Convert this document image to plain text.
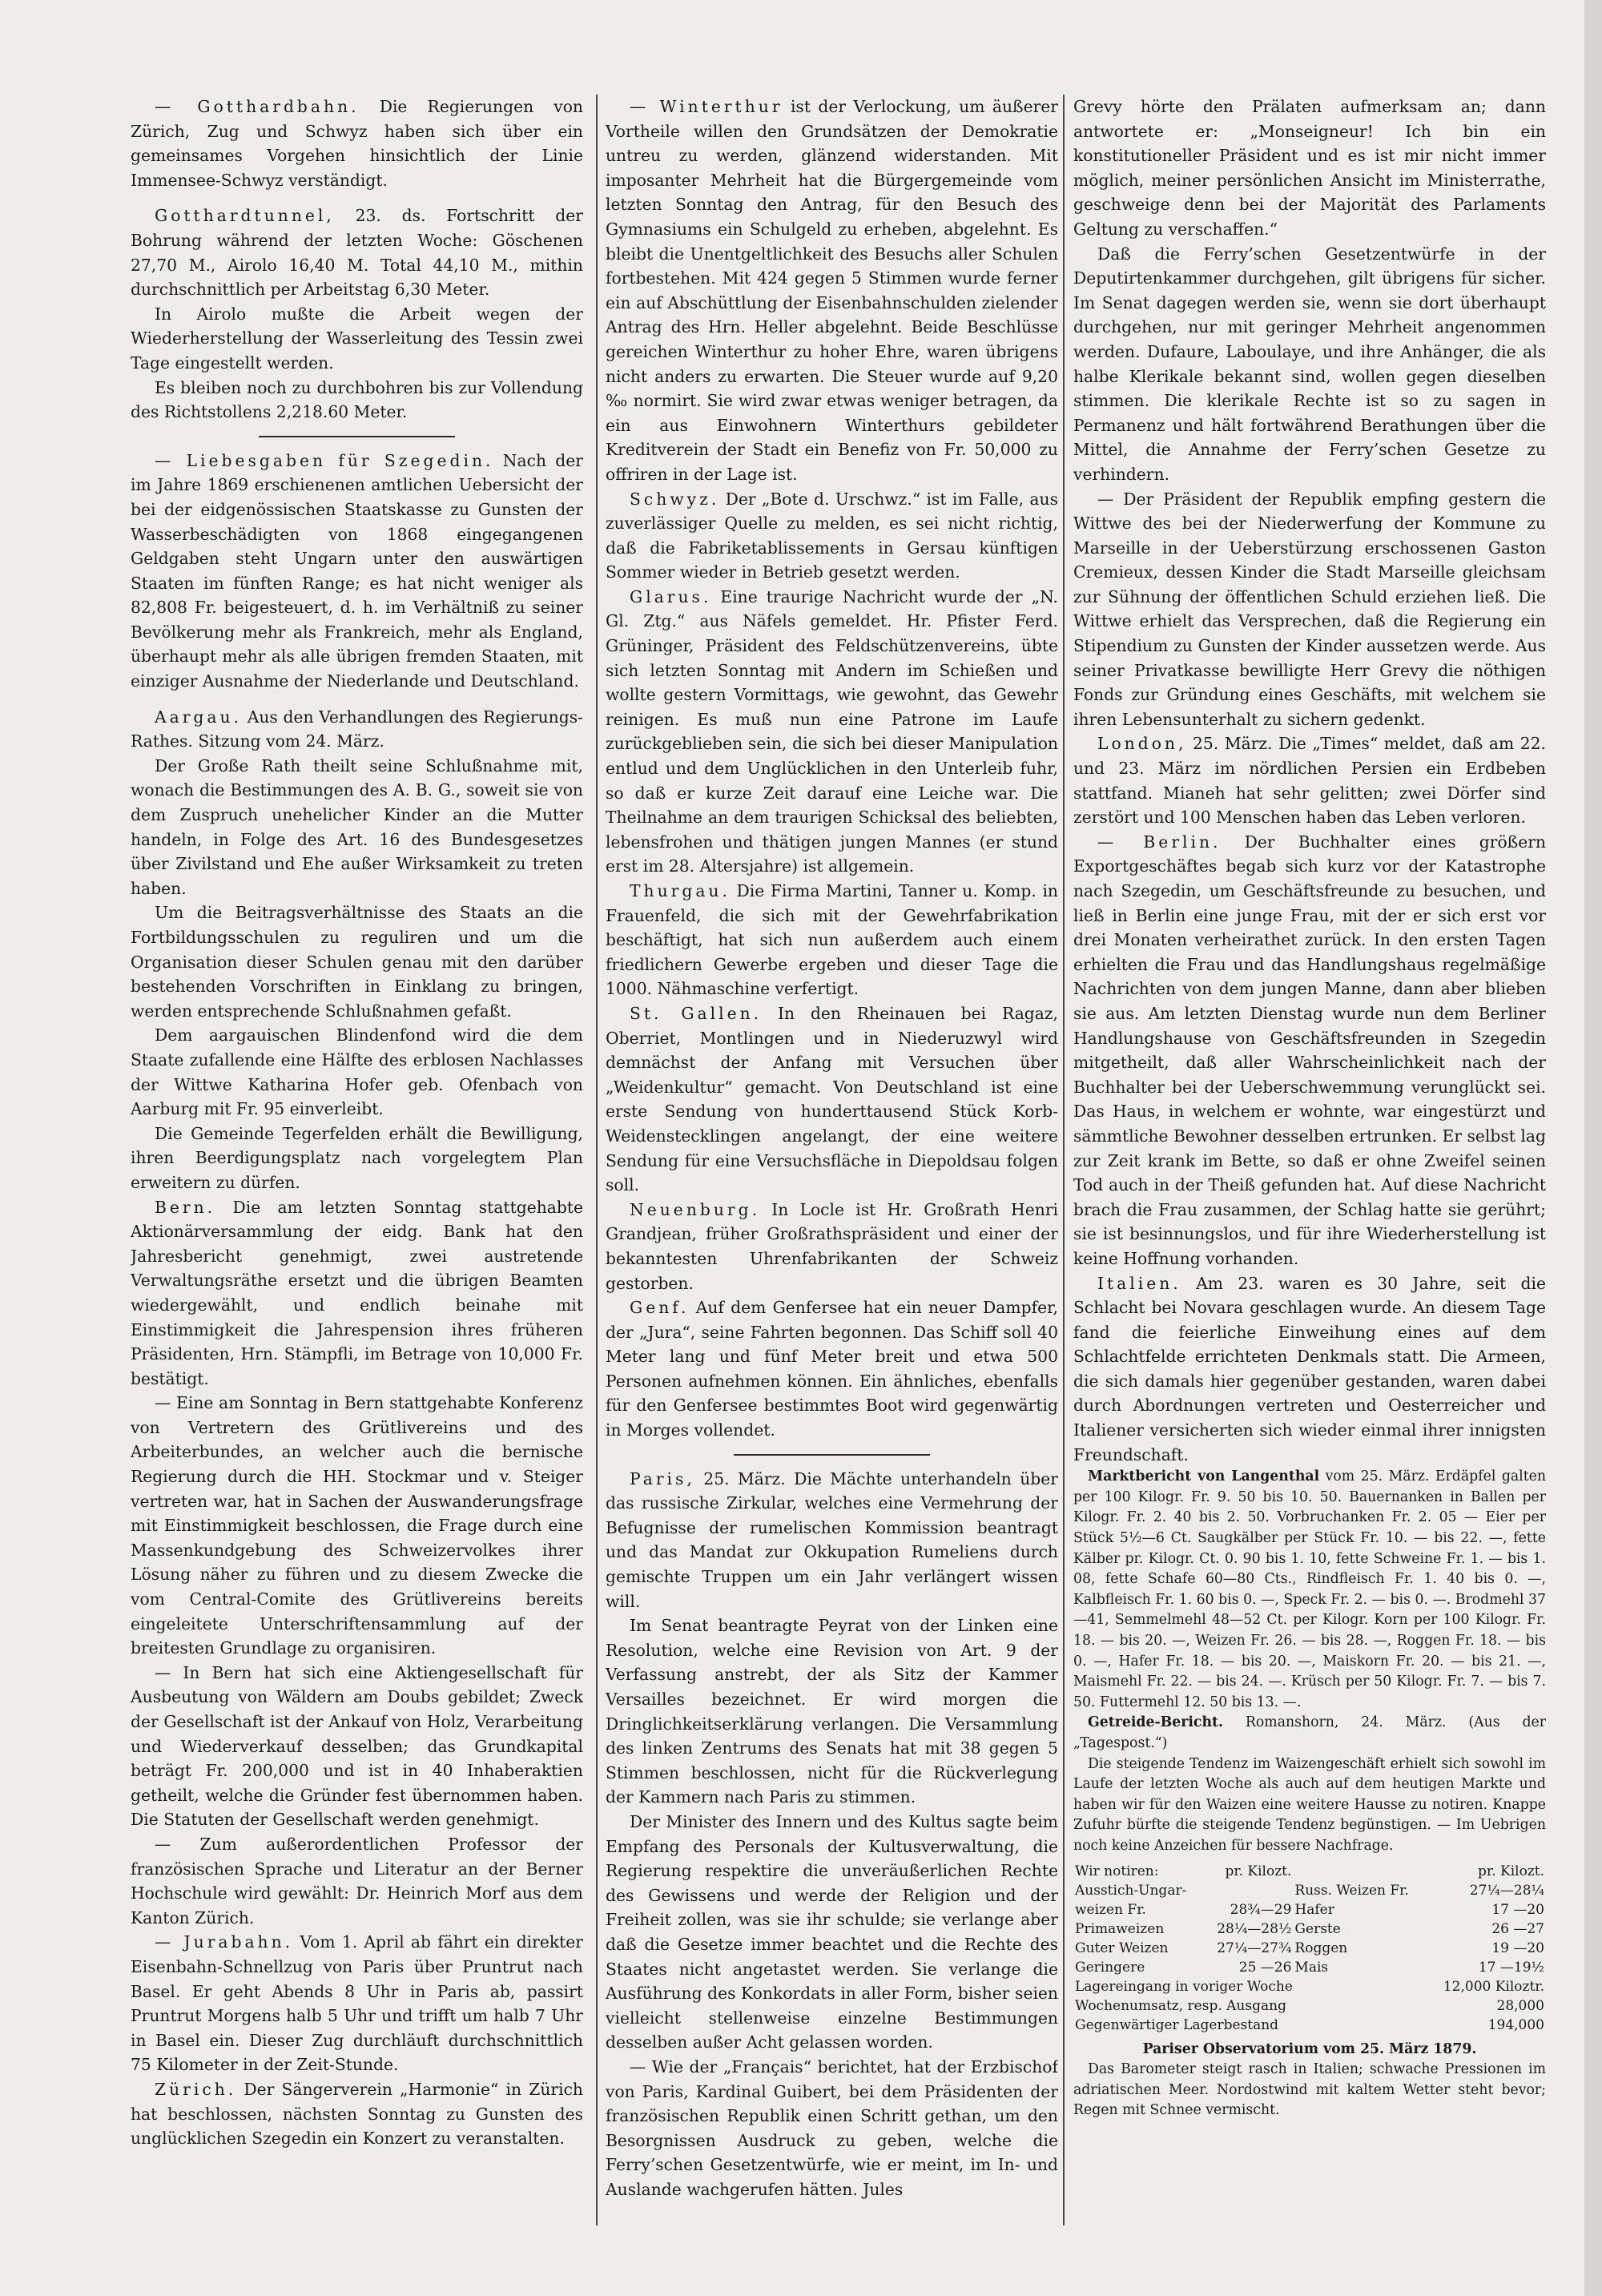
— Gotthardbahn. Die Regierungen von Zürich, Zug und Schwyz haben sich über ein gemeinsames Vorgehen hinsichtlich der Linie Immensee-Schwyz verständigt.

Gotthardtunnel, 23. ds. Fortschritt der Bohrung während der letzten Woche: Göschenen 27,70 M., Airolo 16,40 M. Total 44,10 M., mithin durchschnittlich per Arbeitstag 6,30 Meter.

In Airolo mußte die Arbeit wegen der Wiederherstellung der Wasserleitung des Tessin zwei Tage eingestellt werden.

Es bleiben noch zu durchbohren bis zur Vollendung des Richtstollens 2,218.60 Meter.

— Liebesgaben für Szegedin. Nach der im Jahre 1869 erschienenen amtlichen Uebersicht der bei der eidgenössischen Staatskasse zu Gunsten der Wasserbeschädigten von 1868 eingegangenen Geldgaben steht Ungarn unter den auswärtigen Staaten im fünften Range; es hat nicht weniger als 82,808 Fr. beigesteuert, d. h. im Verhältniß zu seiner Bevölkerung mehr als Frankreich, mehr als England, überhaupt mehr als alle übrigen fremden Staaten, mit einziger Ausnahme der Niederlande und Deutschland.

Aargau. Aus den Verhandlungen des Regierungs-Rathes. Sitzung vom 24. März.

Der Große Rath theilt seine Schlußnahme mit, wonach die Bestimmungen des A. B. G., soweit sie von dem Zuspruch unehelicher Kinder an die Mutter handeln, in Folge des Art. 16 des Bundesgesetzes über Zivilstand und Ehe außer Wirksamkeit zu treten haben.

Um die Beitragsverhältnisse des Staats an die Fortbildungsschulen zu reguliren und um die Organisation dieser Schulen genau mit den darüber bestehenden Vorschriften in Einklang zu bringen, werden entsprechende Schlußnahmen gefaßt.

Dem aargauischen Blindenfond wird die dem Staate zufallende eine Hälfte des erblosen Nachlasses der Wittwe Katharina Hofer geb. Ofenbach von Aarburg mit Fr. 95 einverleibt.

Die Gemeinde Tegerfelden erhält die Bewilligung, ihren Beerdigungsplatz nach vorgelegtem Plan erweitern zu dürfen.

Bern. Die am letzten Sonntag stattgehabte Aktionärversammlung der eidg. Bank hat den Jahresbericht genehmigt, zwei austretende Verwaltungsräthe ersetzt und die übrigen Beamten wiedergewählt, und endlich beinahe mit Einstimmigkeit die Jahrespension ihres früheren Präsidenten, Hrn. Stämpfli, im Betrage von 10,000 Fr. bestätigt.

— Eine am Sonntag in Bern stattgehabte Konferenz von Vertretern des Grütlivereins und des Arbeiterbundes, an welcher auch die bernische Regierung durch die HH. Stockmar und v. Steiger vertreten war, hat in Sachen der Auswanderungsfrage mit Einstimmigkeit beschlossen, die Frage durch eine Massenkundgebung des Schweizervolkes ihrer Lösung näher zu führen und zu diesem Zwecke die vom Central-Comite des Grütlivereins bereits eingeleitete Unterschriftensammlung auf der breitesten Grundlage zu organisiren.

— In Bern hat sich eine Aktiengesellschaft für Ausbeutung von Wäldern am Doubs gebildet; Zweck der Gesellschaft ist der Ankauf von Holz, Verarbeitung und Wiederverkauf desselben; das Grundkapital beträgt Fr. 200,000 und ist in 40 Inhaberaktien getheilt, welche die Gründer fest übernommen haben. Die Statuten der Gesellschaft werden genehmigt.

— Zum außerordentlichen Professor der französischen Sprache und Literatur an der Berner Hochschule wird gewählt: Dr. Heinrich Morf aus dem Kanton Zürich.

— Jurabahn. Vom 1. April ab fährt ein direkter Eisenbahn-Schnellzug von Paris über Pruntrut nach Basel. Er geht Abends 8 Uhr in Paris ab, passirt Pruntrut Morgens halb 5 Uhr und trifft um halb 7 Uhr in Basel ein. Dieser Zug durchläuft durchschnittlich 75 Kilometer in der Zeit-Stunde.

Zürich. Der Sängerverein „Harmonie“ in Zürich hat beschlossen, nächsten Sonntag zu Gunsten des unglücklichen Szegedin ein Konzert zu veranstalten.

— Winterthur ist der Verlockung, um äußerer Vortheile willen den Grundsätzen der Demokratie untreu zu werden, glänzend widerstanden. Mit imposanter Mehrheit hat die Bürgergemeinde vom letzten Sonntag den Antrag, für den Besuch des Gymnasiums ein Schulgeld zu erheben, abgelehnt. Es bleibt die Unentgeltlichkeit des Besuchs aller Schulen fortbestehen. Mit 424 gegen 5 Stimmen wurde ferner ein auf Abschüttlung der Eisenbahnschulden zielender Antrag des Hrn. Heller abgelehnt. Beide Beschlüsse gereichen Winterthur zu hoher Ehre, waren übrigens nicht anders zu erwarten. Die Steuer wurde auf 9,20 ‰ normirt. Sie wird zwar etwas weniger betragen, da ein aus Einwohnern Winterthurs gebildeter Kreditverein der Stadt ein Benefiz von Fr. 50,000 zu offriren in der Lage ist.

Schwyz. Der „Bote d. Urschwz.“ ist im Falle, aus zuverlässiger Quelle zu melden, es sei nicht richtig, daß die Fabriketablissements in Gersau künftigen Sommer wieder in Betrieb gesetzt werden.

Glarus. Eine traurige Nachricht wurde der „N. Gl. Ztg.“ aus Näfels gemeldet. Hr. Pfister Ferd. Grüninger, Präsident des Feldschützenvereins, übte sich letzten Sonntag mit Andern im Schießen und wollte gestern Vormittags, wie gewohnt, das Gewehr reinigen. Es muß nun eine Patrone im Laufe zurückgeblieben sein, die sich bei dieser Manipulation entlud und dem Unglücklichen in den Unterleib fuhr, so daß er kurze Zeit darauf eine Leiche war. Die Theilnahme an dem traurigen Schicksal des beliebten, lebensfrohen und thätigen jungen Mannes (er stund erst im 28. Altersjahre) ist allgemein.

Thurgau. Die Firma Martini, Tanner u. Komp. in Frauenfeld, die sich mit der Gewehrfabrikation beschäftigt, hat sich nun außerdem auch einem friedlichern Gewerbe ergeben und dieser Tage die 1000. Nähmaschine verfertigt.

St. Gallen. In den Rheinauen bei Ragaz, Oberriet, Montlingen und in Niederuzwyl wird demnächst der Anfang mit Versuchen über „Weidenkultur“ gemacht. Von Deutschland ist eine erste Sendung von hunderttausend Stück Korb-Weidenstecklingen angelangt, der eine weitere Sendung für eine Versuchsfläche in Diepoldsau folgen soll.

Neuenburg. In Locle ist Hr. Großrath Henri Grandjean, früher Großrathspräsident und einer der bekanntesten Uhrenfabrikanten der Schweiz gestorben.

Genf. Auf dem Genfersee hat ein neuer Dampfer, der „Jura“, seine Fahrten begonnen. Das Schiff soll 40 Meter lang und fünf Meter breit und etwa 500 Personen aufnehmen können. Ein ähnliches, ebenfalls für den Genfersee bestimmtes Boot wird gegenwärtig in Morges vollendet.

Paris, 25. März. Die Mächte unterhandeln über das russische Zirkular, welches eine Vermehrung der Befugnisse der rumelischen Kommission beantragt und das Mandat zur Okkupation Rumeliens durch gemischte Truppen um ein Jahr verlängert wissen will.

Im Senat beantragte Peyrat von der Linken eine Resolution, welche eine Revision von Art. 9 der Verfassung anstrebt, der als Sitz der Kammer Versailles bezeichnet. Er wird morgen die Dringlichkeitserklärung verlangen. Die Versammlung des linken Zentrums des Senats hat mit 38 gegen 5 Stimmen beschlossen, nicht für die Rückverlegung der Kammern nach Paris zu stimmen.

Der Minister des Innern und des Kultus sagte beim Empfang des Personals der Kultusverwaltung, die Regierung respektire die unveräußerlichen Rechte des Gewissens und werde der Religion und der Freiheit zollen, was sie ihr schulde; sie verlange aber daß die Gesetze immer beachtet und die Rechte des Staates nicht angetastet werden. Sie verlange die Ausführung des Konkordats in aller Form, bisher seien vielleicht stellenweise einzelne Bestimmungen desselben außer Acht gelassen worden.

— Wie der „Français“ berichtet, hat der Erzbischof von Paris, Kardinal Guibert, bei dem Präsidenten der französischen Republik einen Schritt gethan, um den Besorgnissen Ausdruck zu geben, welche die Ferry’schen Gesetzentwürfe, wie er meint, im In- und Auslande wachgerufen hätten. Jules

Grevy hörte den Prälaten aufmerksam an; dann antwortete er: „Monseigneur! Ich bin ein konstitutioneller Präsident und es ist mir nicht immer möglich, meiner persönlichen Ansicht im Ministerrathe, geschweige denn bei der Majorität des Parlaments Geltung zu verschaffen.“

Daß die Ferry’schen Gesetzentwürfe in der Deputirtenkammer durchgehen, gilt übrigens für sicher. Im Senat dagegen werden sie, wenn sie dort überhaupt durchgehen, nur mit geringer Mehrheit angenommen werden. Dufaure, Laboulaye, und ihre Anhänger, die als halbe Klerikale bekannt sind, wollen gegen dieselben stimmen. Die klerikale Rechte ist so zu sagen in Permanenz und hält fortwährend Berathungen über die Mittel, die Annahme der Ferry’schen Gesetze zu verhindern.

— Der Präsident der Republik empfing gestern die Wittwe des bei der Niederwerfung der Kommune zu Marseille in der Ueberstürzung erschossenen Gaston Cremieux, dessen Kinder die Stadt Marseille gleichsam zur Sühnung der öffentlichen Schuld erziehen ließ. Die Wittwe erhielt das Versprechen, daß die Regierung ein Stipendium zu Gunsten der Kinder aussetzen werde. Aus seiner Privatkasse bewilligte Herr Grevy die nöthigen Fonds zur Gründung eines Geschäfts, mit welchem sie ihren Lebensunterhalt zu sichern gedenkt.

London, 25. März. Die „Times“ meldet, daß am 22. und 23. März im nördlichen Persien ein Erdbeben stattfand. Mianeh hat sehr gelitten; zwei Dörfer sind zerstört und 100 Menschen haben das Leben verloren.

— Berlin. Der Buchhalter eines größern Exportgeschäftes begab sich kurz vor der Katastrophe nach Szegedin, um Geschäftsfreunde zu besuchen, und ließ in Berlin eine junge Frau, mit der er sich erst vor drei Monaten verheirathet zurück. In den ersten Tagen erhielten die Frau und das Handlungshaus regelmäßige Nachrichten von dem jungen Manne, dann aber blieben sie aus. Am letzten Dienstag wurde nun dem Berliner Handlungshause von Geschäftsfreunden in Szegedin mitgetheilt, daß aller Wahrscheinlichkeit nach der Buchhalter bei der Ueberschwemmung verunglückt sei. Das Haus, in welchem er wohnte, war eingestürzt und sämmtliche Bewohner desselben ertrunken. Er selbst lag zur Zeit krank im Bette, so daß er ohne Zweifel seinen Tod auch in der Theiß gefunden hat. Auf diese Nachricht brach die Frau zusammen, der Schlag hatte sie gerührt; sie ist besinnungslos, und für ihre Wiederherstellung ist keine Hoffnung vorhanden.

Italien. Am 23. waren es 30 Jahre, seit die Schlacht bei Novara geschlagen wurde. An diesem Tage fand die feierliche Einweihung eines auf dem Schlachtfelde errichteten Denkmals statt. Die Armeen, die sich damals hier gegenüber gestanden, waren dabei durch Abordnungen vertreten und Oesterreicher und Italiener versicherten sich wieder einmal ihrer innigsten Freundschaft.

Marktbericht von Langenthal vom 25. März. Erdäpfel galten per 100 Kilogr. Fr. 9. 50 bis 10. 50. Bauernanken in Ballen per Kilogr. Fr. 2. 40 bis 2. 50. Vorbruchanken Fr. 2. 05 — Eier per Stück 5½—6 Ct. Saugkälber per Stück Fr. 10. — bis 22. —, fette Kälber pr. Kilogr. Ct. 0. 90 bis 1. 10, fette Schweine Fr. 1. — bis 1. 08, fette Schafe 60—80 Cts., Rindfleisch Fr. 1. 40 bis 0. —, Kalbfleisch Fr. 1. 60 bis 0. —, Speck Fr. 2. — bis 0. —. Brodmehl 37—41, Semmelmehl 48—52 Ct. per Kilogr. Korn per 100 Kilogr. Fr. 18. — bis 20. —, Weizen Fr. 26. — bis 28. —, Roggen Fr. 18. — bis 0. —, Hafer Fr. 18. — bis 20. —, Maiskorn Fr. 20. — bis 21. —, Maismehl Fr. 22. — bis 24. —. Krüsch per 50 Kilogr. Fr. 7. — bis 7. 50. Futtermehl 12. 50 bis 13. —.

Getreide-Bericht. Romanshorn, 24. März. (Aus der „Tagespost.“)

Die steigende Tendenz im Waizengeschäft erhielt sich sowohl im Laufe der letzten Woche als auch auf dem heutigen Markte und haben wir für den Waizen eine weitere Hausse zu notiren. Knappe Zufuhr bürfte die steigende Tendenz begünstigen. — Im Uebrigen noch keine Anzeichen für bessere Nachfrage.

Wir notiren:	pr. Kilozt.		pr. Kilozt.
Ausstich-Ungar-		Russ. Weizen Fr.	27¼—28¼
weizen Fr.	28¾—29	Hafer	17 —20
Primaweizen	28¼—28½	Gerste	26 —27
Guter Weizen	27¼—27¾	Roggen	19 —20
Geringere	25 —26	Mais	17 —19½
Lagereingang in voriger Woche			12,000 Kiloztr.
Wochenumsatz, resp. Ausgang			28,000
Gegenwärtiger Lagerbestand			194,000
Pariser Observatorium vom 25. März 1879.

Das Barometer steigt rasch in Italien; schwache Pressionen im adriatischen Meer. Nordostwind mit kaltem Wetter steht bevor; Regen mit Schnee vermischt.
